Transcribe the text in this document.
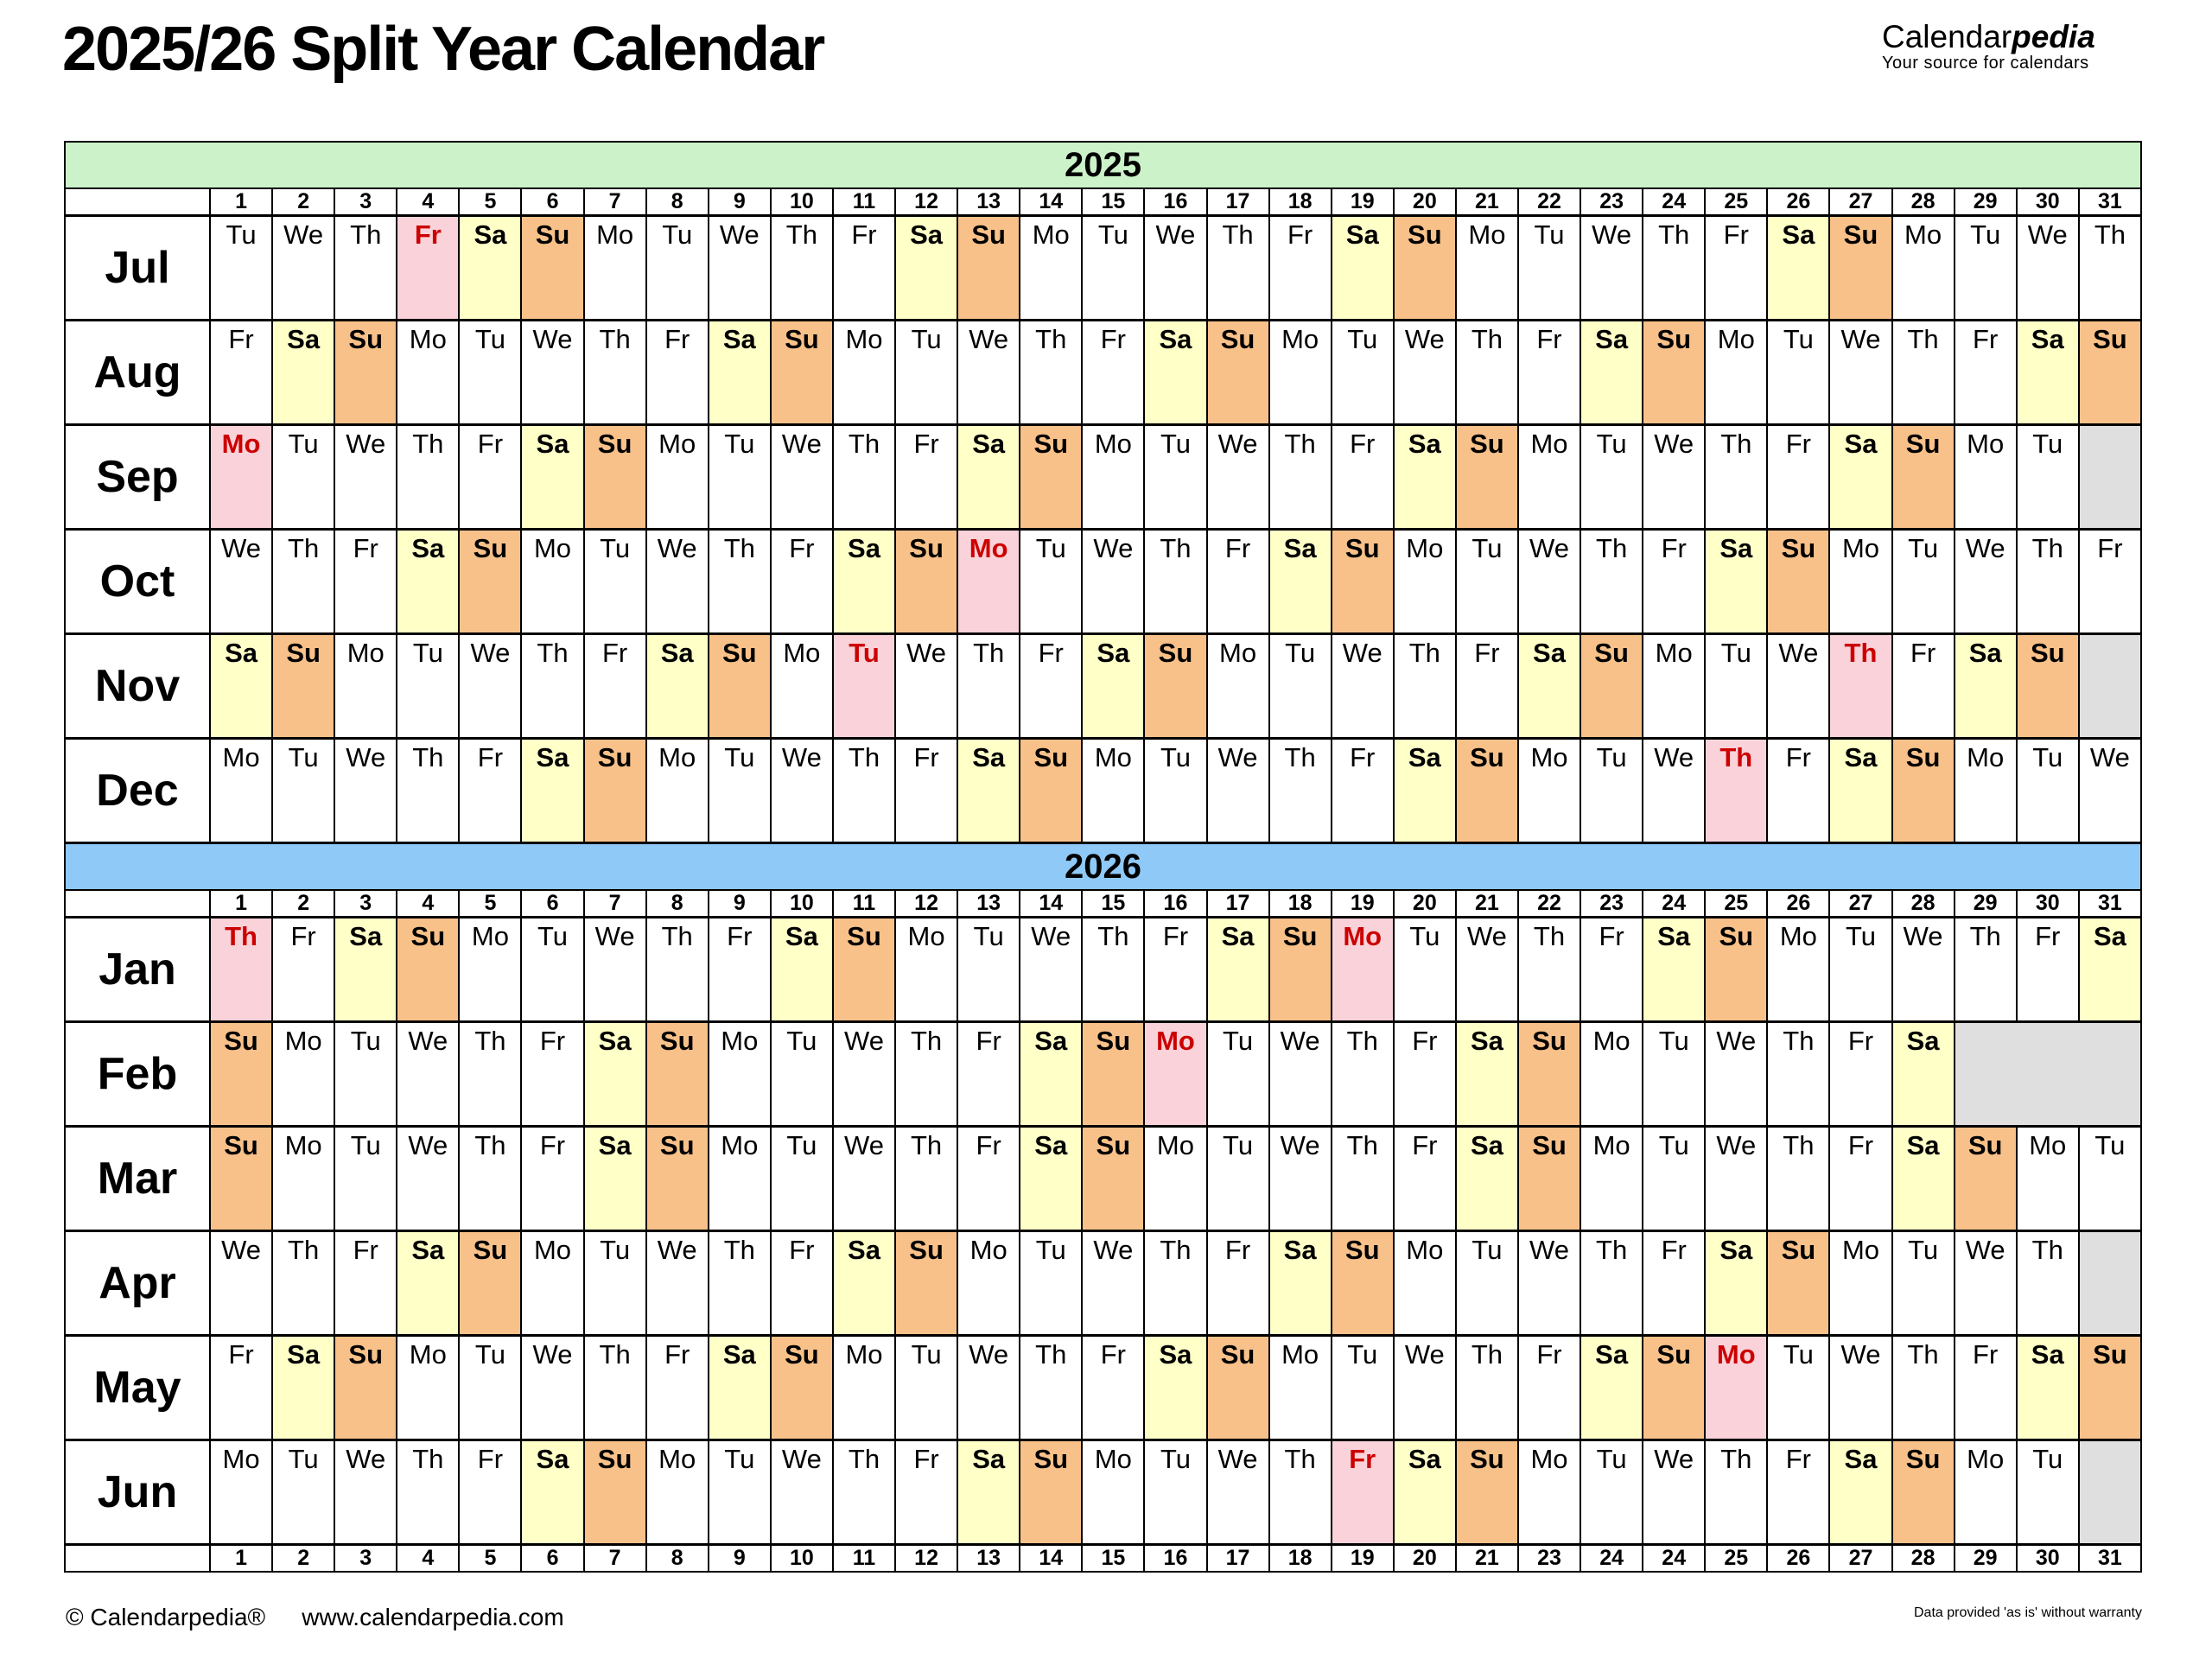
2025/26 Split Year Calendar	Calendarpedia
Your source for calendars
2025																															
	1	2	3	4	5	6	7	8	9	10	11	12	13	14	15	16	17	18	19	20	21	22	23	24	25	26	27	28	29	30	31
Jul	Tu	We	Th	Fr	Sa	Su	Mo	Tu	We	Th	Fr	Sa	Su	Mo	Tu	We	Th	Fr	Sa	Su	Mo	Tu	We	Th	Fr	Sa	Su	Mo	Tu	We	Th
Aug	Fr	Sa	Su	Mo	Tu	We	Th	Fr	Sa	Su	Mo	Tu	We	Th	Fr	Sa	Su	Mo	Tu	We	Th	Fr	Sa	Su	Mo	Tu	We	Th	Fr	Sa	Su
Sep	Mo	Tu	We	Th	Fr	Sa	Su	Mo	Tu	We	Th	Fr	Sa	Su	Mo	Tu	We	Th	Fr	Sa	Su	Mo	Tu	We	Th	Fr	Sa	Su	Mo	Tu	
Oct	We	Th	Fr	Sa	Su	Mo	Tu	We	Th	Fr	Sa	Su	Mo	Tu	We	Th	Fr	Sa	Su	Mo	Tu	We	Th	Fr	Sa	Su	Mo	Tu	We	Th	Fr
Nov	Sa	Su	Mo	Tu	We	Th	Fr	Sa	Su	Mo	Tu	We	Th	Fr	Sa	Su	Mo	Tu	We	Th	Fr	Sa	Su	Mo	Tu	We	Th	Fr	Sa	Su	
Dec	Mo	Tu	We	Th	Fr	Sa	Su	Mo	Tu	We	Th	Fr	Sa	Su	Mo	Tu	We	Th	Fr	Sa	Su	Mo	Tu	We	Th	Fr	Sa	Su	Mo	Tu	We
2026																															
	1	2	3	4	5	6	7	8	9	10	11	12	13	14	15	16	17	18	19	20	21	22	23	24	25	26	27	28	29	30	31
Jan	Th	Fr	Sa	Su	Mo	Tu	We	Th	Fr	Sa	Su	Mo	Tu	We	Th	Fr	Sa	Su	Mo	Tu	We	Th	Fr	Sa	Su	Mo	Tu	We	Th	Fr	Sa
Feb	Su	Mo	Tu	We	Th	Fr	Sa	Su	Mo	Tu	We	Th	Fr	Sa	Su	Mo	Tu	We	Th	Fr	Sa	Su	Mo	Tu	We	Th	Fr	Sa			
Mar	Su	Mo	Tu	We	Th	Fr	Sa	Su	Mo	Tu	We	Th	Fr	Sa	Su	Mo	Tu	We	Th	Fr	Sa	Su	Mo	Tu	We	Th	Fr	Sa	Su	Mo	Tu
Apr	We	Th	Fr	Sa	Su	Mo	Tu	We	Th	Fr	Sa	Su	Mo	Tu	We	Th	Fr	Sa	Su	Mo	Tu	We	Th	Fr	Sa	Su	Mo	Tu	We	Th	
May	Fr	Sa	Su	Mo	Tu	We	Th	Fr	Sa	Su	Mo	Tu	We	Th	Fr	Sa	Su	Mo	Tu	We	Th	Fr	Sa	Su	Mo	Tu	We	Th	Fr	Sa	Su
Jun	Mo	Tu	We	Th	Fr	Sa	Su	Mo	Tu	We	Th	Fr	Sa	Su	Mo	Tu	We	Th	Fr	Sa	Su	Mo	Tu	We	Th	Fr	Sa	Su	Mo	Tu	
	1	2	3	4	5	6	7	8	9	10	11	12	13	14	15	16	17	18	19	20	21	23	24	24	25	26	27	28	29	30	31
© Calendarpedia® www.calendarpedia.com	Data provided 'as is' without warranty
